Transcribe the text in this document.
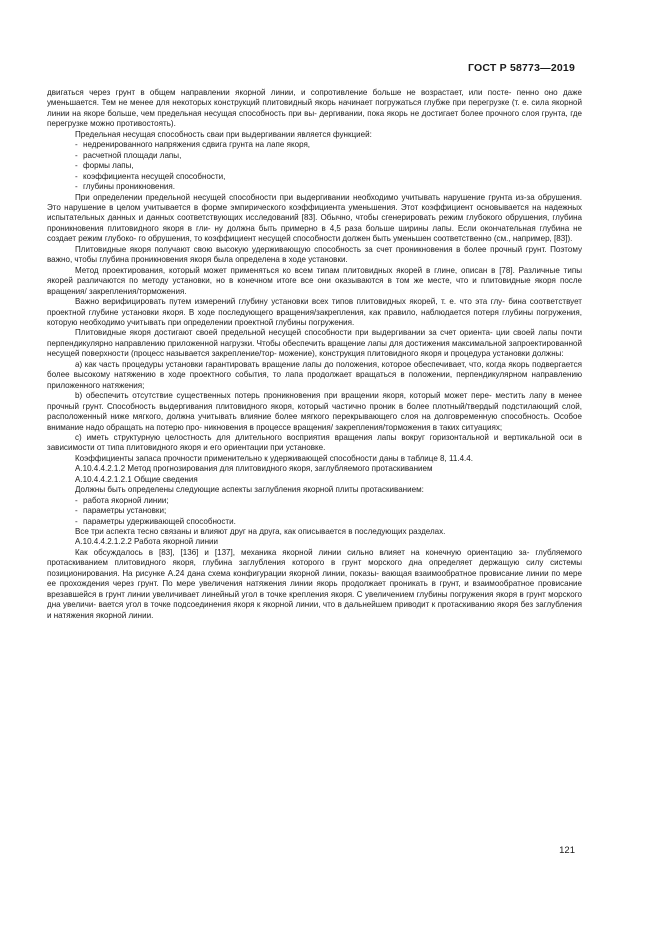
ГОСТ Р 58773—2019

двигаться через грунт в общем направлении якорной линии, и сопротивление больше не возрастает, или посте- пенно оно даже уменьшается. Тем не менее для некоторых конструкций плитовидный якорь начинает погружаться глубже при перегрузке (т. е. сила якорной линии на якоре больше, чем предельная несущая способность при вы- дергивании, пока якорь не достигает более прочного слоя грунта, где перегрузке можно противостоять).

Предельная несущая способность сваи при выдергивании является функцией:

- недренированного напряжения сдвига грунта на лапе якоря,

- расчетной площади лапы,

- формы лапы,

- коэффициента несущей способности,

- глубины проникновения.

При определении предельной несущей способности при выдергивании необходимо учитывать нарушение грунта из-за обрушения. Это нарушение в целом учитывается в форме эмпирического коэффициента уменьшения. Этот коэффициент основывается на надежных испытательных данных и данных соответствующих исследований [83]. Обычно, чтобы сгенерировать режим глубокого обрушения, глубина проникновения плитовидного якоря в гли- ну должна быть примерно в 4,5 раза больше ширины лапы. Если окончательная глубина не создает режим глубоко- го обрушения, то коэффициент несущей способности должен быть уменьшен соответственно (см., например, [83]).

Плитовидные якоря получают свою высокую удерживающую способность за счет проникновения в более прочный грунт. Поэтому важно, чтобы глубина проникновения якоря была определена в ходе установки.

Метод проектирования, который может применяться ко всем типам плитовидных якорей в глине, описан в [78]. Различные типы якорей различаются по методу установки, но в конечном итоге все они оказываются в том же месте, что и плитовидные якоря после вращения/ закрепления/торможения.

Важно верифицировать путем измерений глубину установки всех типов плитовидных якорей, т. е. что эта глу- бина соответствует проектной глубине установки якоря. В ходе последующего вращения/закрепления, как правило, наблюдается потеря глубины погружения, которую необходимо учитывать при определении проектной глубины погружения.

Плитовидные якоря достигают своей предельной несущей способности при выдергивании за счет ориента- ции своей лапы почти перпендикулярно направлению приложенной нагрузки. Чтобы обеспечить вращение лапы для достижения максимальной запроектированной несущей поверхности (процесс называется закрепление/тор- можение), конструкция плитовидного якоря и процедура установки должны:

a) как часть процедуры установки гарантировать вращение лапы до положения, которое обеспечивает, что, когда якорь подвергается более высокому натяжению в ходе проектного события, то лапа продолжает вращаться в положении, перпендикулярном направлению приложенного натяжения;

b) обеспечить отсутствие существенных потерь проникновения при вращении якоря, который может пере- местить лапу в менее прочный грунт. Способность выдергивания плитовидного якоря, который частично проник в более плотный/твердый подстилающий слой, расположенный ниже мягкого, должна учитывать влияние более мягкого перекрывающего слоя на долговременную способность. Особое внимание надо обращать на потерю про- никновения в процессе вращения/ закрепления/торможения в таких ситуациях;

c) иметь структурную целостность для длительного восприятия вращения лапы вокруг горизонтальной и вертикальной оси в зависимости от типа плитовидного якоря и его ориентации при установке.

Коэффициенты запаса прочности применительно к удерживающей способности даны в таблице 8, 11.4.4.

А.10.4.4.2.1.2 Метод прогнозирования для плитовидного якоря, заглубляемого протаскиванием

А.10.4.4.2.1.2.1 Общие сведения

Должны быть определены следующие аспекты заглубления якорной плиты протаскиванием:

- работа якорной линии;

- параметры установки;

- параметры удерживающей способности.

Все три аспекта тесно связаны и влияют друг на друга, как описывается в последующих разделах.

А.10.4.4.2.1.2.2 Работа якорной линии

Как обсуждалось в [83], [136] и [137], механика якорной линии сильно влияет на конечную ориентацию за- глубляемого протаскиванием плитовидного якоря, глубина заглубления которого в грунт морского дна определяет держащую силу системы позиционирования. На рисунке А.24 дана схема конфигурации якорной линии, показы- вающая взаимообратное провисание линии по мере ее прохождения через грунт. По мере увеличения натяжения линии якорь продолжает проникать в грунт, и взаимообратное провисание врезавшейся в грунт линии увеличивает линейный угол в точке крепления якоря. С увеличением глубины погружения якоря в грунт морского дна увеличи- вается угол в точке подсоединения якоря к якорной линии, что в дальнейшем приводит к протаскиванию якоря без заглубления и натяжения якорной линии.

121
